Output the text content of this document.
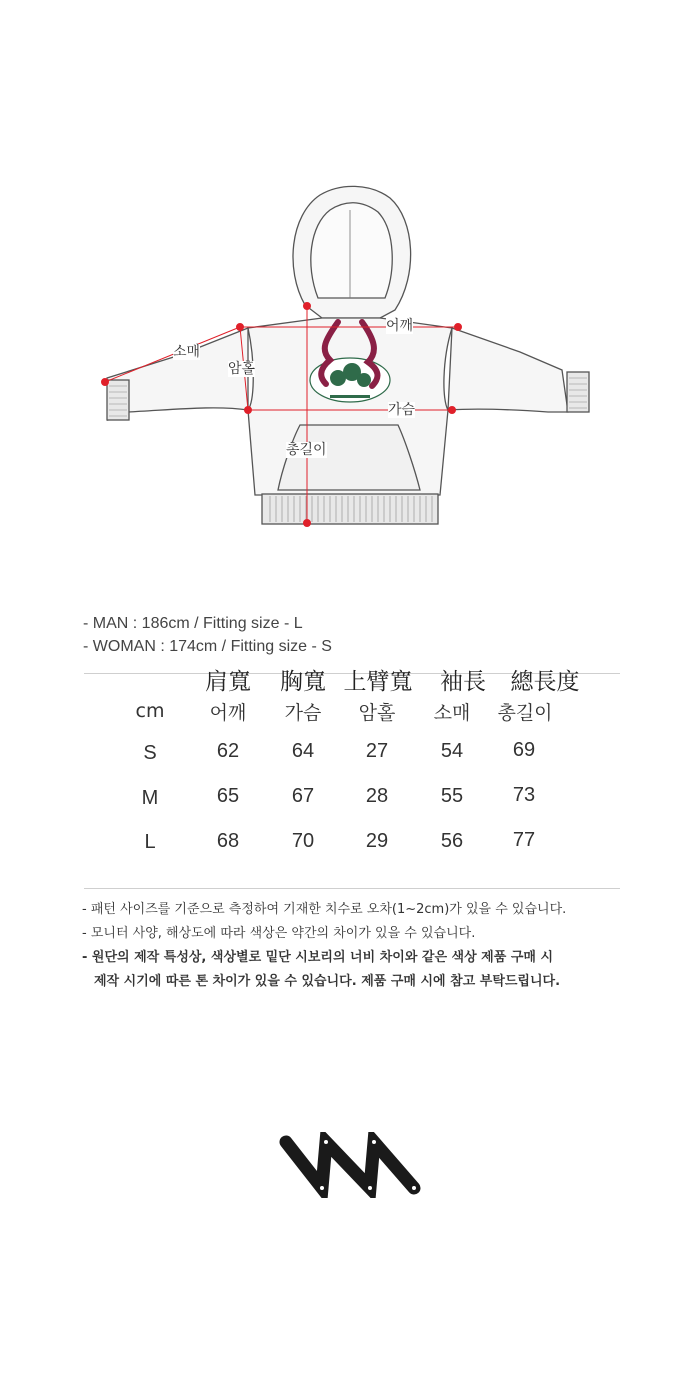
어깨
가슴
암홀
소매
총길이
- MAN : 186cm / Fitting size - L
- WOMAN : 174cm / Fitting size - S
肩寬 胸寬 上臂寬 袖長 總長度
cm 어깨 가슴 암홀 소매 총길이
S	62	64	27	54 69
M	65	67	28	55 73
L	68	70	29	56 77
- 패턴 사이즈를 기준으로 측정하여 기재한 치수로 오차(1~2cm)가 있을 수 있습니다.
- 모니터 사양, 해상도에 따라 색상은 약간의 차이가 있을 수 있습니다.
- 원단의 제작 특성상, 색상별로 밑단 시보리의 너비 차이와 같은 색상 제품 구매 시
제작 시기에 따른 톤 차이가 있을 수 있습니다. 제품 구매 시에 참고 부탁드립니다.
